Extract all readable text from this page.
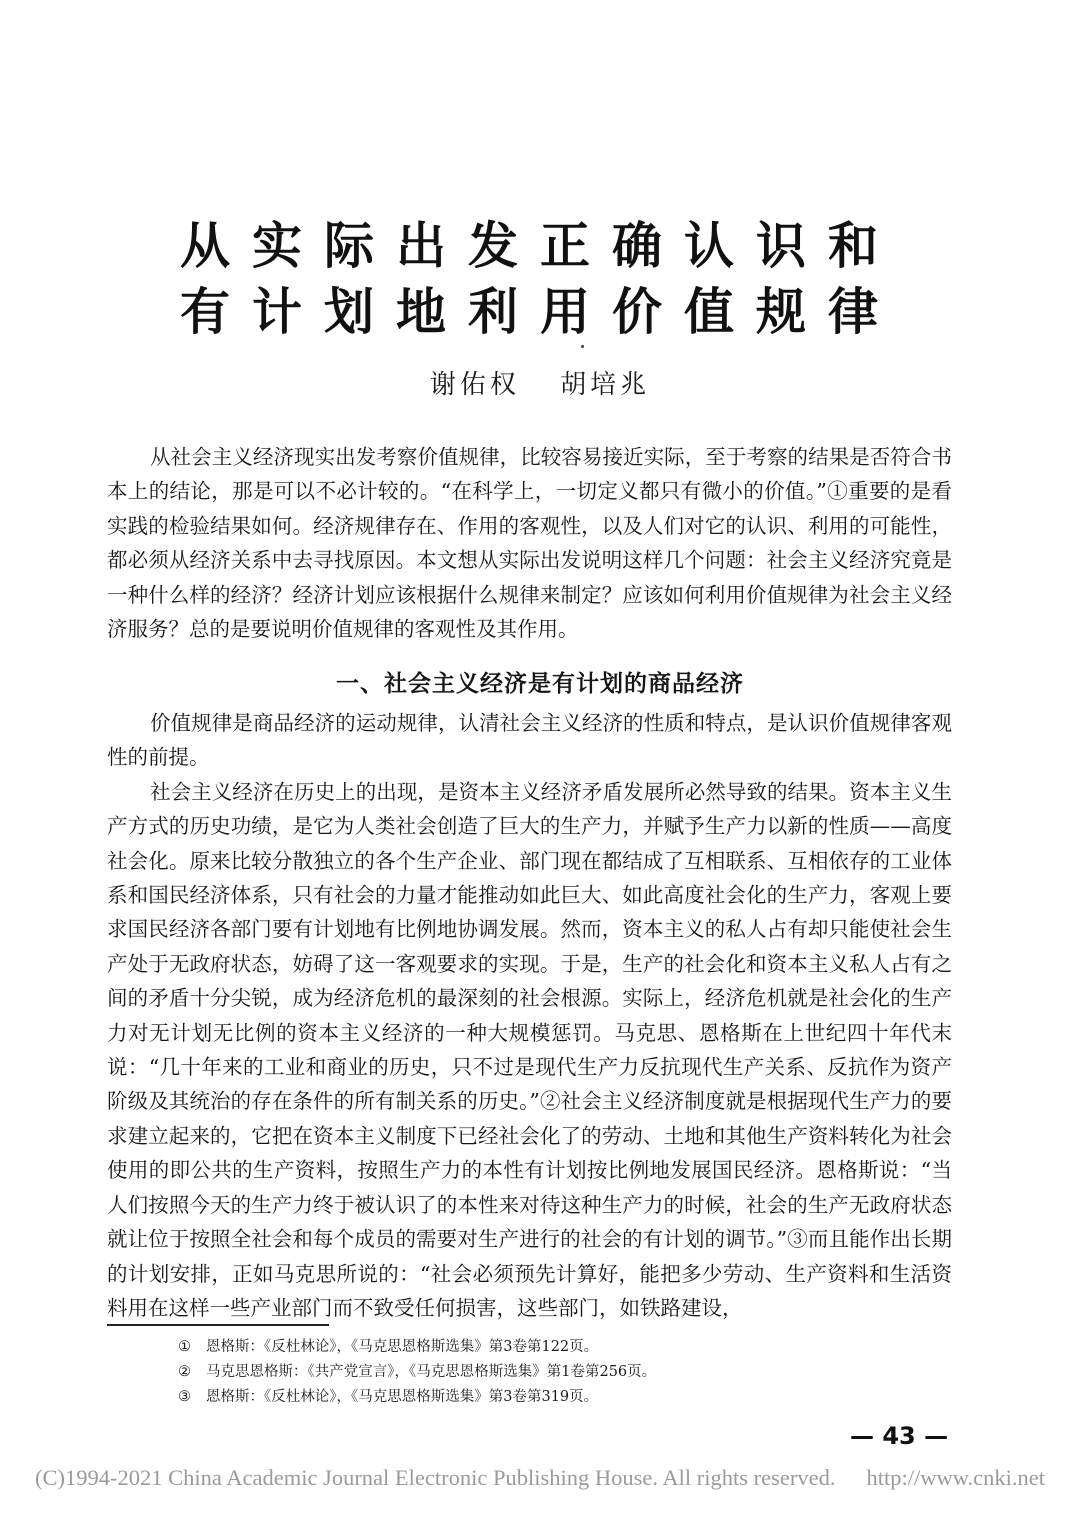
从实际出发正确认识和
有计划地利用价值规律
谢佑权 胡培兆

从社会主义经济现实出发考察价值规律，比较容易接近实际，至于考察的结果是否符合书本上的结论，那是可以不必计较的。“在科学上，一切定义都只有微小的价值。”①重要的是看实践的检验结果如何。经济规律存在、作用的客观性，以及人们对它的认识、利用的可能性，都必须从经济关系中去寻找原因。本文想从实际出发说明这样几个问题：社会主义经济究竟是一种什么样的经济？经济计划应该根据什么规律来制定？应该如何利用价值规律为社会主义经济服务？总的是要说明价值规律的客观性及其作用。

一、社会主义经济是有计划的商品经济

价值规律是商品经济的运动规律，认清社会主义经济的性质和特点，是认识价值规律客观性的前提。

社会主义经济在历史上的出现，是资本主义经济矛盾发展所必然导致的结果。资本主义生产方式的历史功绩，是它为人类社会创造了巨大的生产力，并赋予生产力以新的性质——高度社会化。原来比较分散独立的各个生产企业、部门现在都结成了互相联系、互相依存的工业体系和国民经济体系，只有社会的力量才能推动如此巨大、如此高度社会化的生产力，客观上要求国民经济各部门要有计划地有比例地协调发展。然而，资本主义的私人占有却只能使社会生产处于无政府状态，妨碍了这一客观要求的实现。于是，生产的社会化和资本主义私人占有之间的矛盾十分尖锐，成为经济危机的最深刻的社会根源。实际上，经济危机就是社会化的生产力对无计划无比例的资本主义经济的一种大规模惩罚。马克思、恩格斯在上世纪四十年代末说：“几十年来的工业和商业的历史，只不过是现代生产力反抗现代生产关系、反抗作为资产阶级及其统治的存在条件的所有制关系的历史。”②社会主义经济制度就是根据现代生产力的要求建立起来的，它把在资本主义制度下已经社会化了的劳动、土地和其他生产资料转化为社会使用的即公共的生产资料，按照生产力的本性有计划按比例地发展国民经济。恩格斯说：“当人们按照今天的生产力终于被认识了的本性来对待这种生产力的时候，社会的生产无政府状态就让位于按照全社会和每个成员的需要对生产进行的社会的有计划的调节。”③而且能作出长期的计划安排，正如马克思所说的：“社会必须预先计算好，能把多少劳动、生产资料和生活资料用在这样一些产业部门而不致受任何损害，这些部门，如铁路建设，

① 恩格斯：《反杜林论》，《马克思恩格斯选集》第3卷第122页。
② 马克思恩格斯：《共产党宣言》，《马克思恩格斯选集》第1卷第256页。
③ 恩格斯：《反杜林论》，《马克思恩格斯选集》第3卷第319页。
— 43 —
(C)1994-2021 China Academic Journal Electronic Publishing House. All rights reserved. http://www.cnki.net
